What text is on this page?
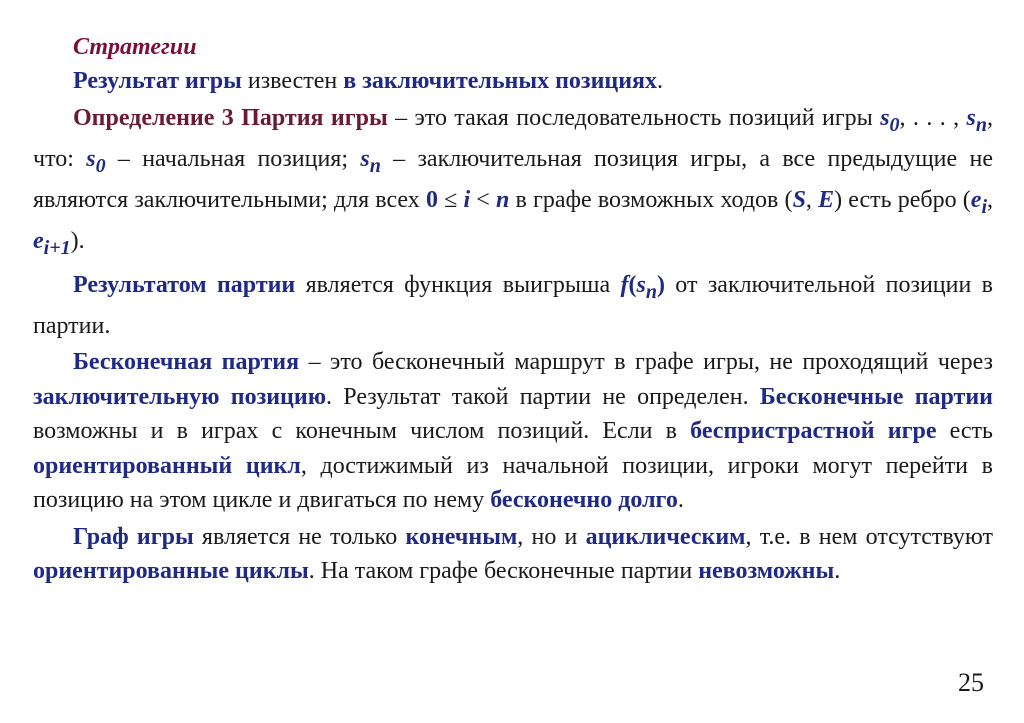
Стратегии

Результат игры известен в заключительных позициях.

Определение 3 Партия игры – это такая последовательность позиций игры $s_0$, . . . , $s_n$, что: $s_0$ – начальная позиция; $s_n$ – заключительная позиция игры, а все предыдущие не являются заключительными; для всех 0 ≤ i < n в графе возможных ходов (S, E) есть ребро ($e_i$, $e_{i+1}$).

Результатом партии является функция выигрыша $f(s_n)$ от заключительной позиции в партии.

Бесконечная партия – это бесконечный маршрут в графе игры, не проходящий через заключительную позицию. Результат такой партии не определен. Бесконечные партии возможны и в играх с конечным числом позиций. Если в беспристрастной игре есть ориентированный цикл, достижимый из начальной позиции, игроки могут перейти в позицию на этом цикле и двигаться по нему бесконечно долго.

Граф игры является не только конечным, но и ациклическим, т.е. в нем отсутствуют ориентированные циклы. На таком графе бесконечные партии невозможны.

25
